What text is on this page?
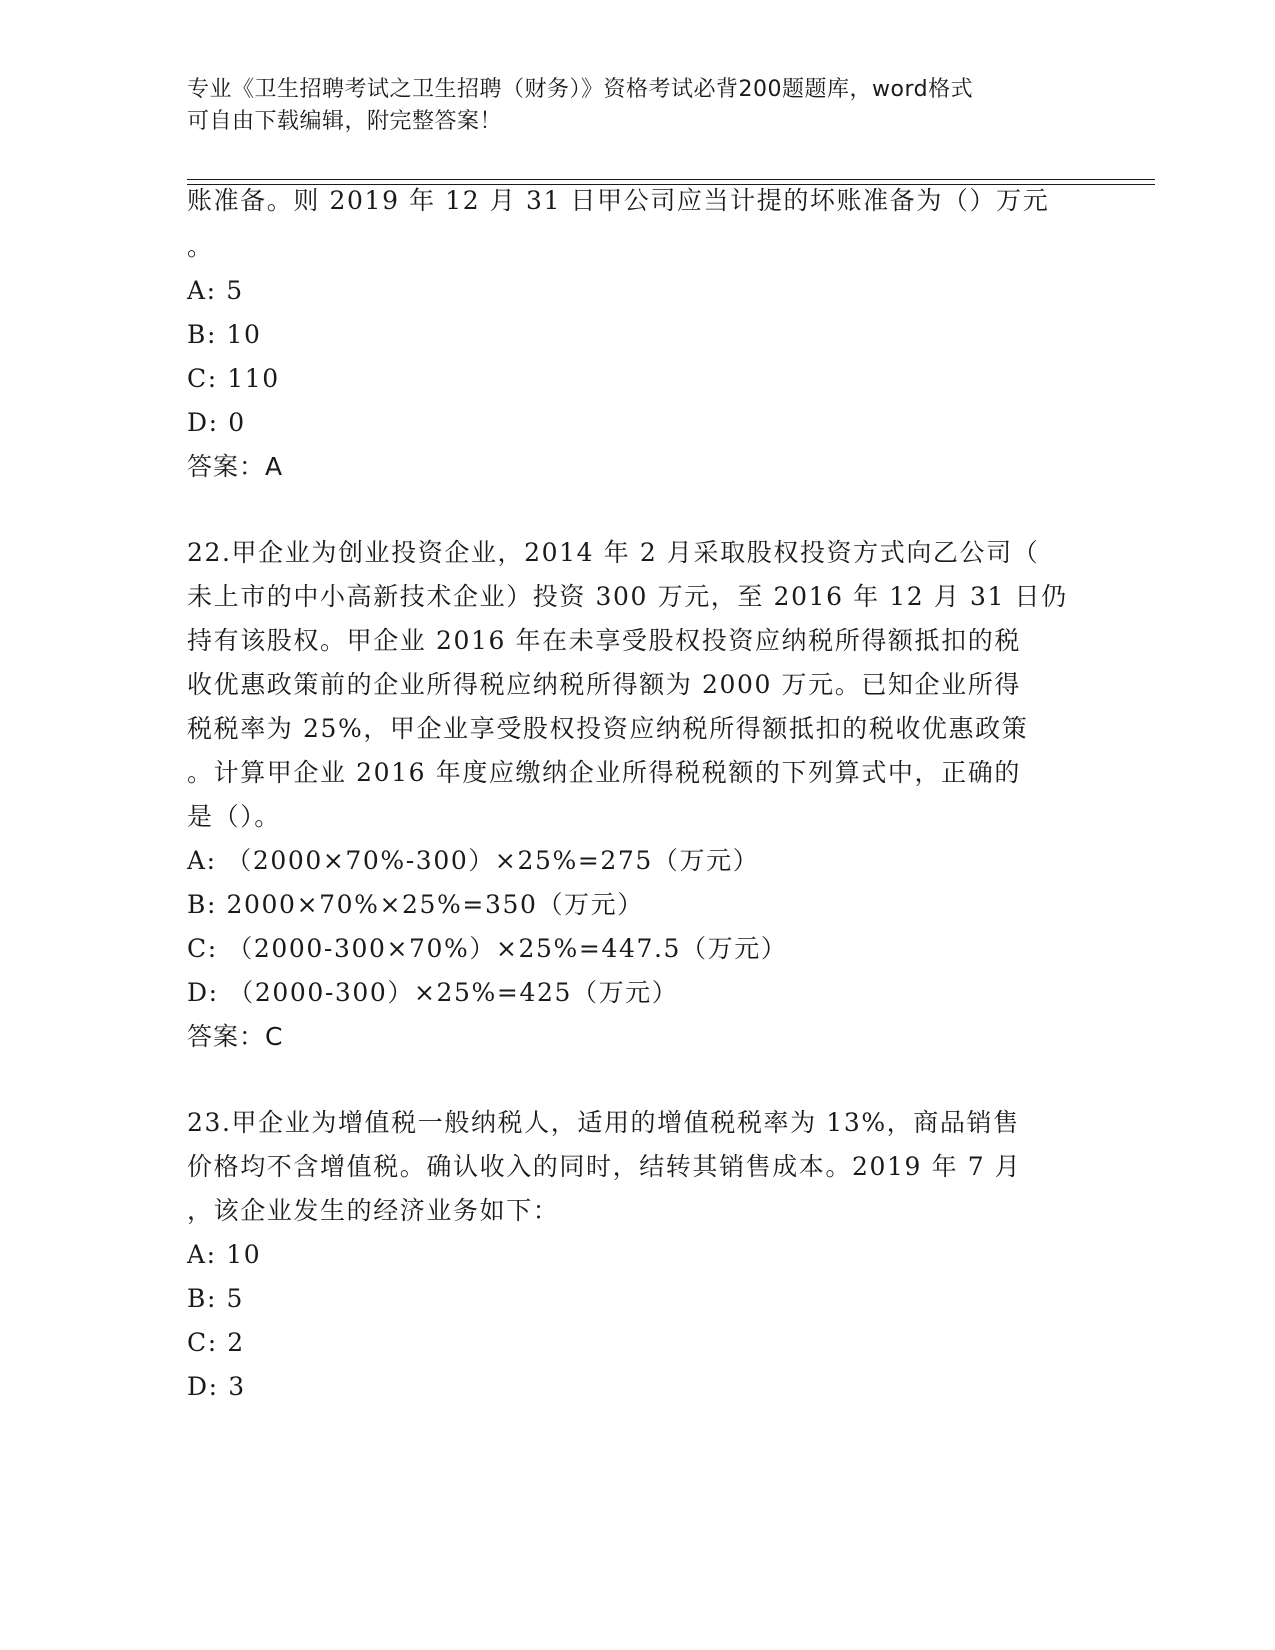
专业《卫生招聘考试之卫生招聘（财务）》资格考试必背200题题库，word格式
可自由下载编辑，附完整答案！
账准备。则 2019 年 12 月 31 日甲公司应当计提的坏账准备为（）万元
。
A: 5
B: 10
C: 110
D: 0
答案：A
22.甲企业为创业投资企业，2014 年 2 月采取股权投资方式向乙公司（
未上市的中小高新技术企业）投资 300 万元，至 2016 年 12 月 31 日仍
持有该股权。甲企业 2016 年在未享受股权投资应纳税所得额抵扣的税
收优惠政策前的企业所得税应纳税所得额为 2000 万元。已知企业所得
税税率为 25%，甲企业享受股权投资应纳税所得额抵扣的税收优惠政策
。计算甲企业 2016 年度应缴纳企业所得税税额的下列算式中，正确的
是（）。
A: （2000×70%-300）×25%=275（万元）
B: 2000×70%×25%=350（万元）
C: （2000-300×70%）×25%=447.5（万元）
D: （2000-300）×25%=425（万元）
答案：C
23.甲企业为增值税一般纳税人，适用的增值税税率为 13%，商品销售
价格均不含增值税。确认收入的同时，结转其销售成本。2019 年 7 月
，该企业发生的经济业务如下：
A: 10
B: 5
C: 2
D: 3
